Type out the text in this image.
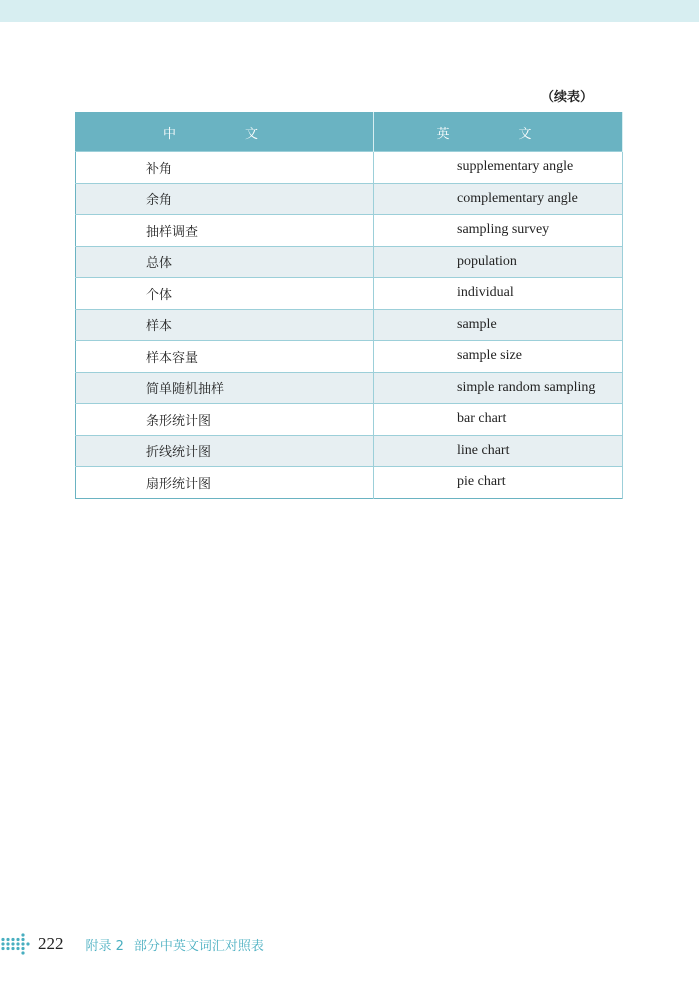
（续表）
中　文	英　文
补角	supplementary angle
余角	complementary angle
抽样调查	sampling survey
总体	population
个体	individual
样本	sample
样本容量	sample size
简单随机抽样	simple random sampling
条形统计图	bar chart
折线统计图	line chart
扇形统计图	pie chart
222 附录 2 部分中英文词汇对照表
